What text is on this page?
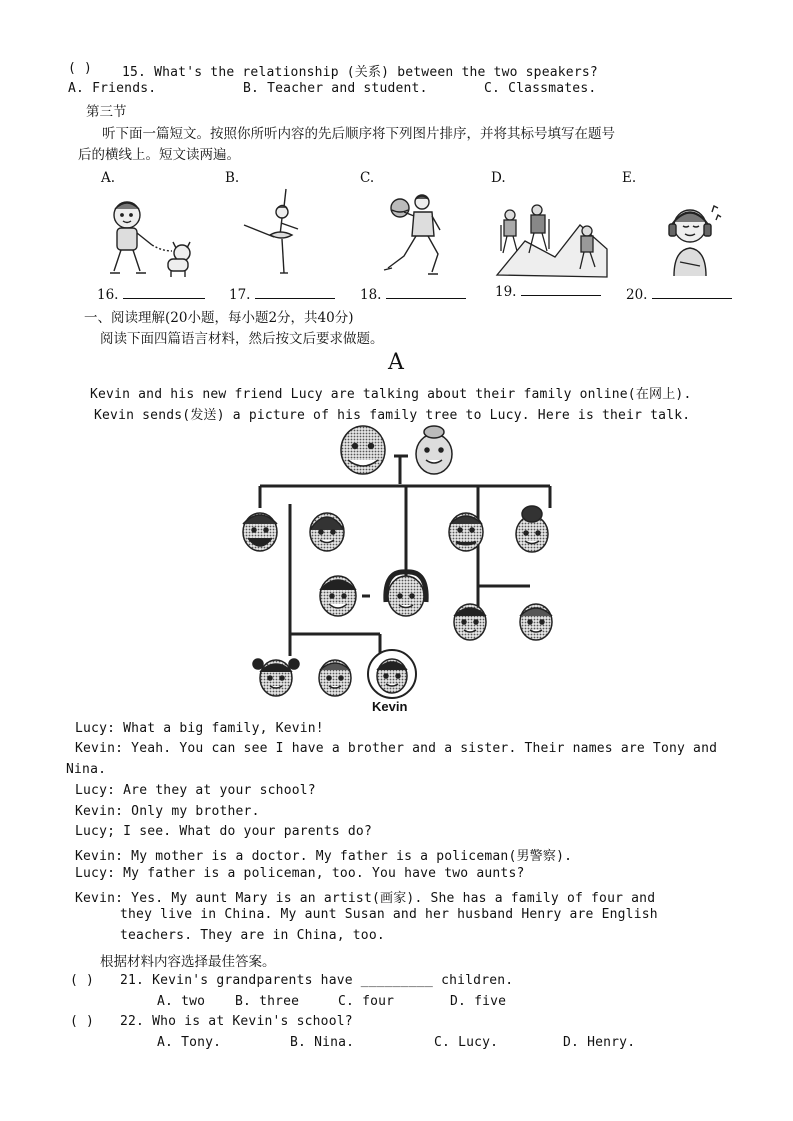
( ) 15. What's the relationship (关系) between the two speakers?
A. Friends.	B. Teacher and student.	C. Classmates.
第三节
听下面一篇短文。按照你所听内容的先后顺序将下列图片排序，并将其标号填写在题号
后的横线上。短文读两遍。
A.	B.	C.	D.	E.
16.	17.	18.	19.	20.
一、阅读理解(20小题，每小题2分，共40分)
阅读下面四篇语言材料，然后按文后要求做题。
A
Kevin and his new friend Lucy are talking about their family online(在网上).
Kevin sends(发送) a picture of his family tree to Lucy. Here is their talk.
Kevin
Lucy: What a big family, Kevin!
Kevin: Yeah. You can see I have a brother and a sister. Their names are Tony and
Nina.
Lucy: Are they at your school?
Kevin: Only my brother.
Lucy; I see. What do your parents do?
Kevin: My mother is a doctor. My father is a policeman(男警察).
Lucy: My father is a policeman, too. You have two aunts?
Kevin: Yes. My aunt Mary is an artist(画家). She has a family of four and
they live in China. My aunt Susan and her husband Henry are English
teachers. They are in China, too.
根据材料内容选择最佳答案。
( ) 21. Kevin's grandparents have _________ children.
A. two B. three	C. four	D. five
( ) 22. Who is at Kevin's school?
A. Tony.	B. Nina.	C. Lucy.	D. Henry.
